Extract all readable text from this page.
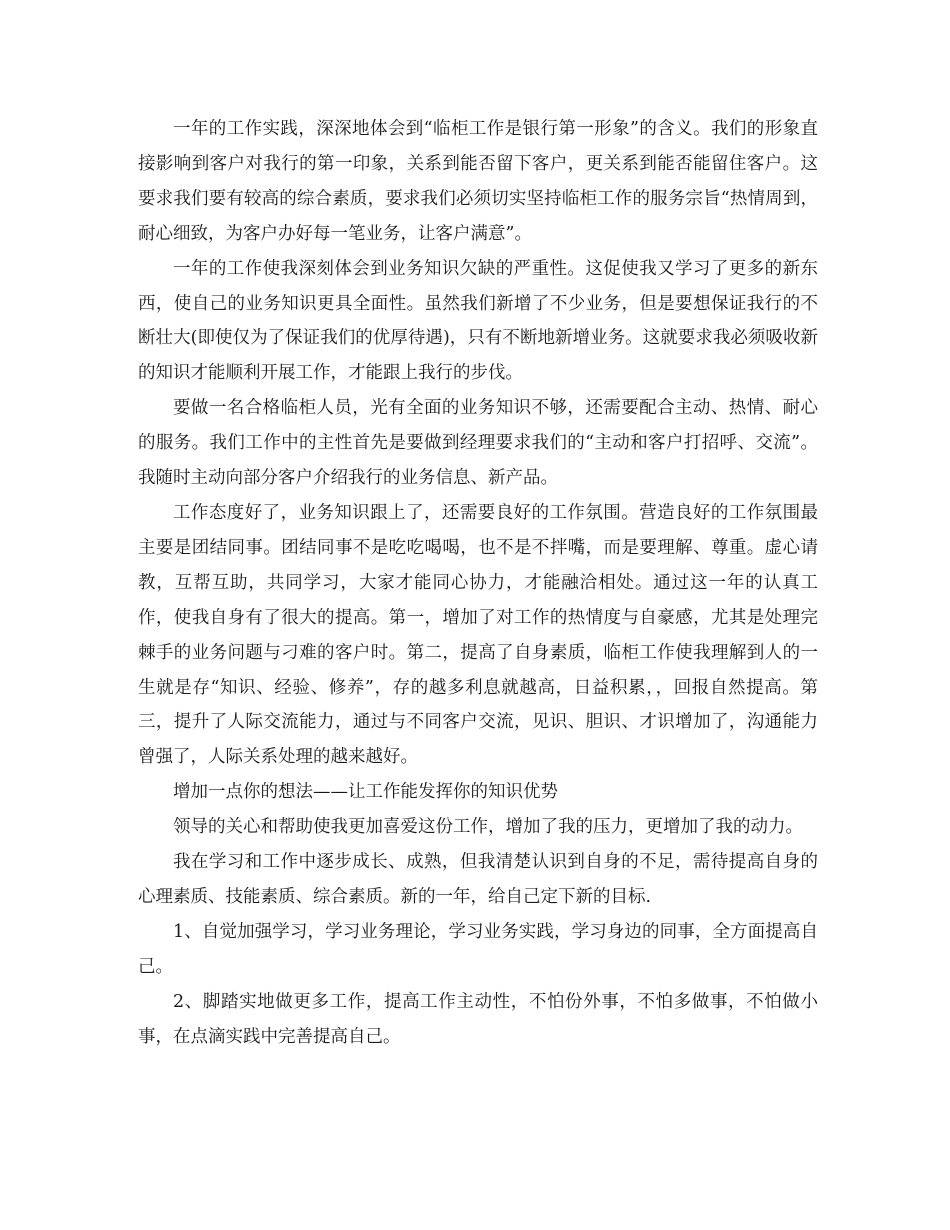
一年的工作实践，深深地体会到“临柜工作是银行第一形象”的含义。我们的形象直接影响到客户对我行的第一印象，关系到能否留下客户，更关系到能否能留住客户。这要求我们要有较高的综合素质，要求我们必须切实坚持临柜工作的服务宗旨“热情周到，耐心细致，为客户办好每一笔业务，让客户满意”。

一年的工作使我深刻体会到业务知识欠缺的严重性。这促使我又学习了更多的新东西，使自己的业务知识更具全面性。虽然我们新增了不少业务，但是要想保证我行的不断壮大(即使仅为了保证我们的优厚待遇)，只有不断地新增业务。这就要求我必须吸收新的知识才能顺利开展工作，才能跟上我行的步伐。

要做一名合格临柜人员，光有全面的业务知识不够，还需要配合主动、热情、耐心的服务。我们工作中的主性首先是要做到经理要求我们的“主动和客户打招呼、交流”。我随时主动向部分客户介绍我行的业务信息、新产品。

工作态度好了，业务知识跟上了，还需要良好的工作氛围。营造良好的工作氛围最主要是团结同事。团结同事不是吃吃喝喝，也不是不拌嘴，而是要理解、尊重。虚心请教，互帮互助，共同学习，大家才能同心协力，才能融洽相处。通过这一年的认真工作，使我自身有了很大的提高。第一，增加了对工作的热情度与自豪感，尤其是处理完棘手的业务问题与刁难的客户时。第二，提高了自身素质，临柜工作使我理解到人的一生就是存“知识、经验、修养”，存的越多利息就越高，日益积累，，回报自然提高。第三，提升了人际交流能力，通过与不同客户交流，见识、胆识、才识增加了，沟通能力曾强了，人际关系处理的越来越好。

增加一点你的想法——让工作能发挥你的知识优势

领导的关心和帮助使我更加喜爱这份工作，增加了我的压力，更增加了我的动力。

我在学习和工作中逐步成长、成熟，但我清楚认识到自身的不足，需待提高自身的心理素质、技能素质、综合素质。新的一年，给自己定下新的目标.

1、自觉加强学习，学习业务理论，学习业务实践，学习身边的同事，全方面提高自己。

2、脚踏实地做更多工作，提高工作主动性，不怕份外事，不怕多做事，不怕做小事，在点滴实践中完善提高自己。
